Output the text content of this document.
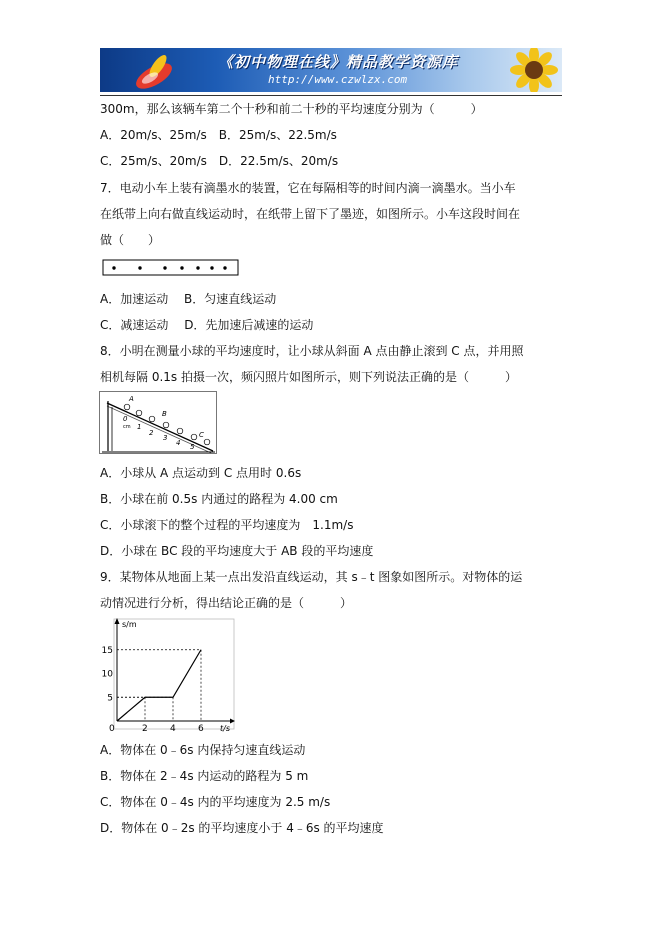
《初中物理在线》精品教学资源库
http://www.czwlzx.com
300m，那么该辆车第二个十秒和前二十秒的平均速度分别为（　　　）
A．20m/s、25m/s　B．25m/s、22.5m/s
C．25m/s、20m/s　D．22.5m/s、20m/s
7．电动小车上装有滴墨水的装置，它在每隔相等的时间内滴一滴墨水。当小车
在纸带上向右做直线运动时，在纸带上留下了墨迹，如图所示。小车这段时间在
做（　　）
A．加速运动　 B．匀速直线运动
C．减速运动　 D．先加速后减速的运动
8．小明在测量小球的平均速度时，让小球从斜面 A 点由静止滚到 C 点，并用照
相机每隔 0.1s 拍摄一次，频闪照片如图所示，则下列说法正确的是（　　　）
A．小球从 A 点运动到 C 点用时 0.6s
B．小球在前 0.5s 内通过的路程为 4.00 cm
C．小球滚下的整个过程的平均速度为　1.1m/s
D．小球在 BC 段的平均速度大于 AB 段的平均速度
9．某物体从地面上某一点出发沿直线运动，其 s﹣t 图象如图所示。对物体的运
动情况进行分析，得出结论正确的是（　　　）
A．物体在 0﹣6s 内保持匀速直线运动
B．物体在 2﹣4s 内运动的路程为 5 m
C．物体在 0﹣4s 内的平均速度为 2.5 m/s
D．物体在 0﹣2s 的平均速度小于 4﹣6s 的平均速度
A
B
C
0
cm 1
2
3
4 5
2 4 6
5
10
15
0
s/m
t/s
